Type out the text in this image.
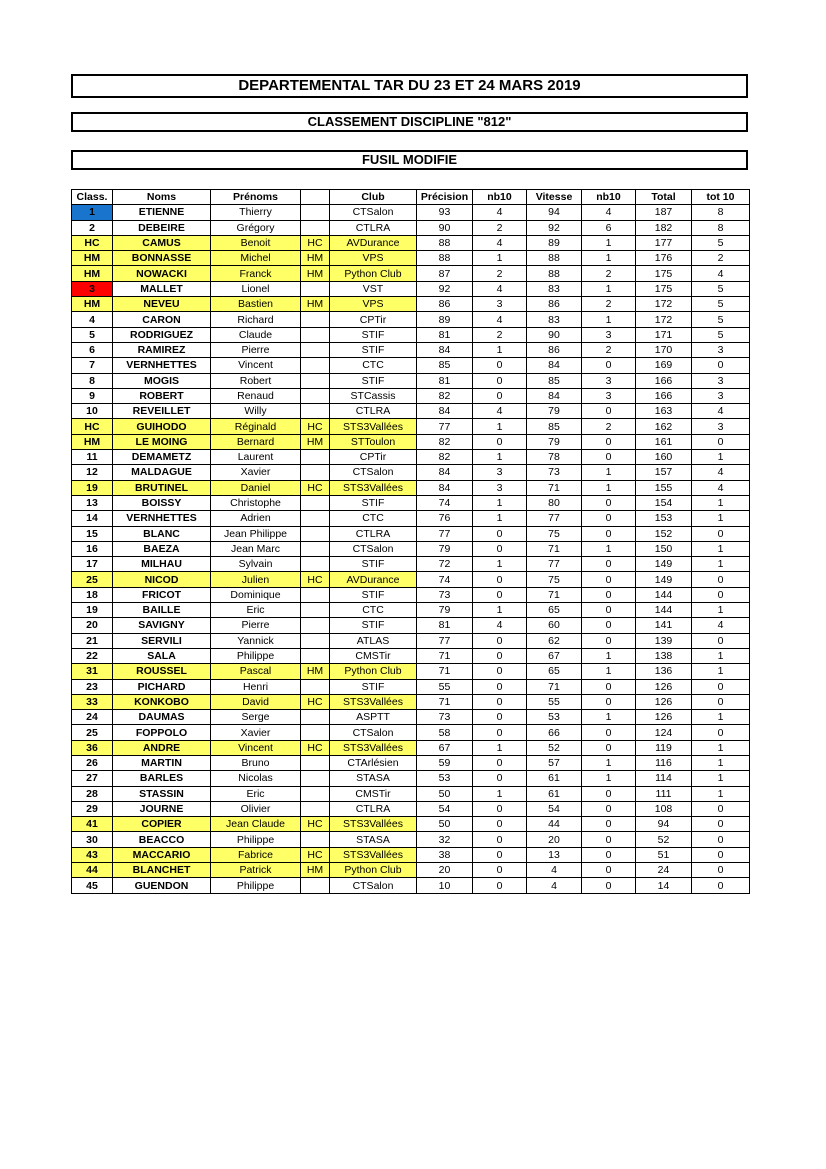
DEPARTEMENTAL TAR DU 23 ET 24 MARS 2019
CLASSEMENT DISCIPLINE "812"
FUSIL MODIFIE
Class.	Noms	Prénoms		Club	Précision	nb10	Vitesse	nb10	Total	tot 10
1	ETIENNE	Thierry		CTSalon	93	4	94	4	187	8
2	DEBEIRE	Grégory		CTLRA	90	2	92	6	182	8
HC	CAMUS	Benoit	HC	AVDurance	88	4	89	1	177	5
HM	BONNASSE	Michel	HM	VPS	88	1	88	1	176	2
HM	NOWACKI	Franck	HM	Python Club	87	2	88	2	175	4
3	MALLET	Lionel		VST	92	4	83	1	175	5
HM	NEVEU	Bastien	HM	VPS	86	3	86	2	172	5
4	CARON	Richard		CPTir	89	4	83	1	172	5
5	RODRIGUEZ	Claude		STIF	81	2	90	3	171	5
6	RAMIREZ	Pierre		STIF	84	1	86	2	170	3
7	VERNHETTES	Vincent		CTC	85	0	84	0	169	0
8	MOGIS	Robert		STIF	81	0	85	3	166	3
9	ROBERT	Renaud		STCassis	82	0	84	3	166	3
10	REVEILLET	Willy		CTLRA	84	4	79	0	163	4
HC	GUIHODO	Réginald	HC	STS3Vallées	77	1	85	2	162	3
HM	LE MOING	Bernard	HM	STToulon	82	0	79	0	161	0
11	DEMAMETZ	Laurent		CPTir	82	1	78	0	160	1
12	MALDAGUE	Xavier		CTSalon	84	3	73	1	157	4
19	BRUTINEL	Daniel	HC	STS3Vallées	84	3	71	1	155	4
13	BOISSY	Christophe		STIF	74	1	80	0	154	1
14	VERNHETTES	Adrien		CTC	76	1	77	0	153	1
15	BLANC	Jean Philippe		CTLRA	77	0	75	0	152	0
16	BAEZA	Jean Marc		CTSalon	79	0	71	1	150	1
17	MILHAU	Sylvain		STIF	72	1	77	0	149	1
25	NICOD	Julien	HC	AVDurance	74	0	75	0	149	0
18	FRICOT	Dominique		STIF	73	0	71	0	144	0
19	BAILLE	Eric		CTC	79	1	65	0	144	1
20	SAVIGNY	Pierre		STIF	81	4	60	0	141	4
21	SERVILI	Yannick		ATLAS	77	0	62	0	139	0
22	SALA	Philippe		CMSTir	71	0	67	1	138	1
31	ROUSSEL	Pascal	HM	Python Club	71	0	65	1	136	1
23	PICHARD	Henri		STIF	55	0	71	0	126	0
33	KONKOBO	David	HC	STS3Vallées	71	0	55	0	126	0
24	DAUMAS	Serge		ASPTT	73	0	53	1	126	1
25	FOPPOLO	Xavier		CTSalon	58	0	66	0	124	0
36	ANDRE	Vincent	HC	STS3Vallées	67	1	52	0	119	1
26	MARTIN	Bruno		CTArlésien	59	0	57	1	116	1
27	BARLES	Nicolas		STASA	53	0	61	1	114	1
28	STASSIN	Eric		CMSTir	50	1	61	0	111	1
29	JOURNE	Olivier		CTLRA	54	0	54	0	108	0
41	COPIER	Jean Claude	HC	STS3Vallées	50	0	44	0	94	0
30	BEACCO	Philippe		STASA	32	0	20	0	52	0
43	MACCARIO	Fabrice	HC	STS3Vallées	38	0	13	0	51	0
44	BLANCHET	Patrick	HM	Python Club	20	0	4	0	24	0
45	GUENDON	Philippe		CTSalon	10	0	4	0	14	0
